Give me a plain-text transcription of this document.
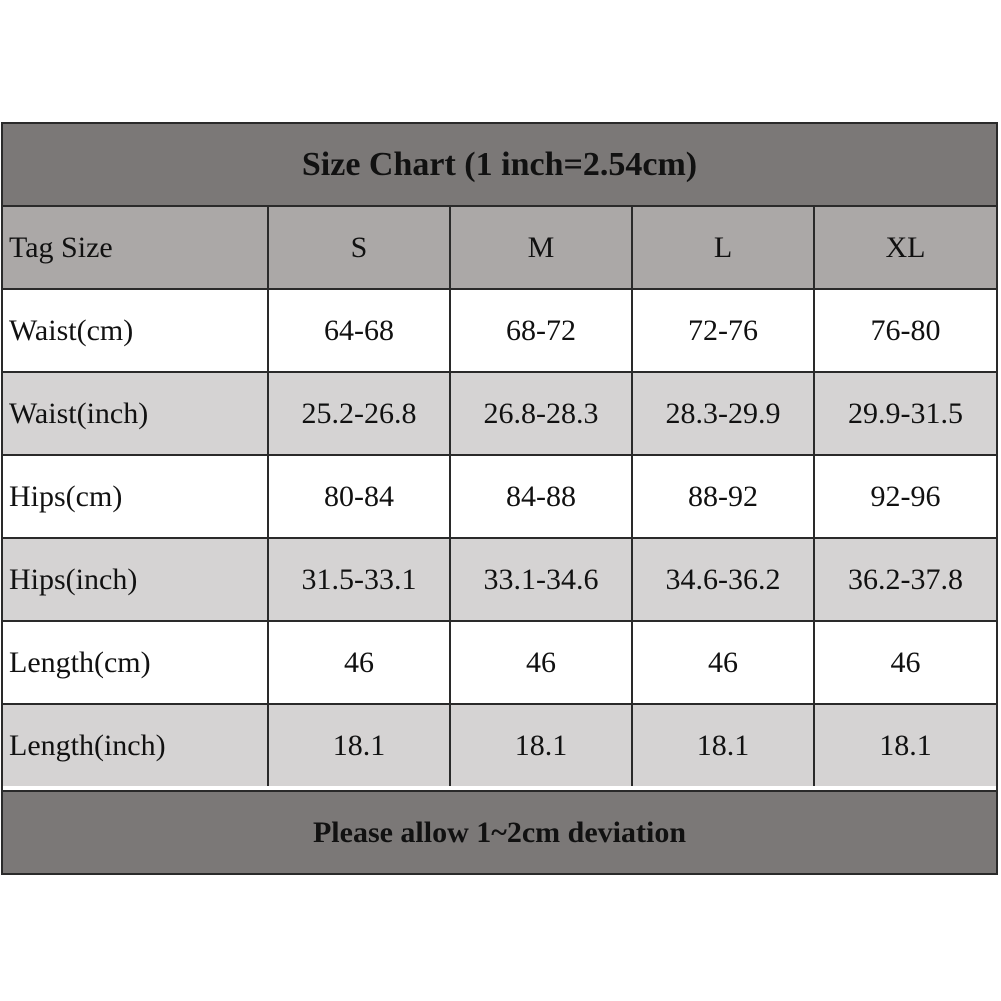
Size Chart (1 inch=2.54cm)
Tag Size	S	M	L	XL
Waist(cm)	64-68	68-72	72-76	76-80
Waist(inch)	25.2-26.8	26.8-28.3	28.3-29.9	29.9-31.5
Hips(cm)	80-84	84-88	88-92	92-96
Hips(inch)	31.5-33.1	33.1-34.6	34.6-36.2	36.2-37.8
Length(cm)	46	46	46	46
Length(inch)	18.1	18.1	18.1	18.1
Please allow 1~2cm deviation
